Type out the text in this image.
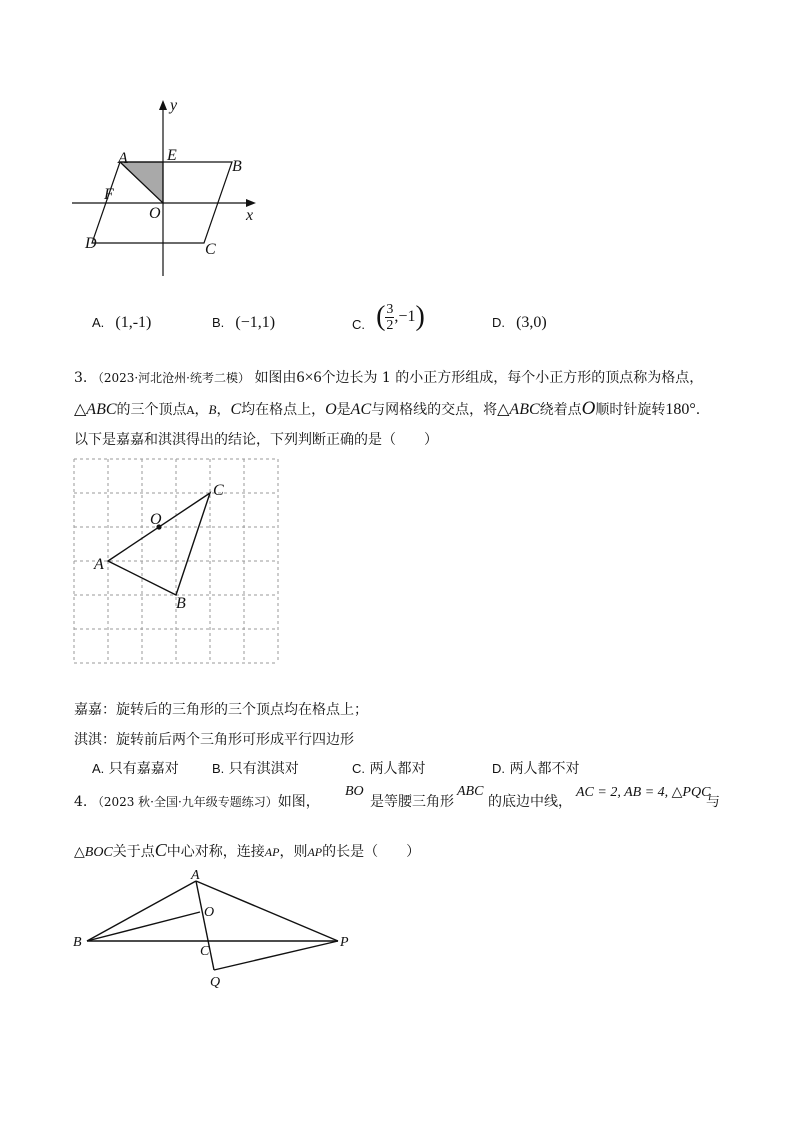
y
x
A E
B
F
O
D	C
A. (1,-1)	B. (−1,1)	$_{C.}$ ( $\frac{3}{2} ,-1$)	D. (3,0)
3. （2023·河北沧州·统考二模） 如图由6×6个边长为 1 的小正方形组成，每个小正方形的顶点称为格点，
△ABC的三个顶点A，B，C均在格点上，O是AC与网格线的交点，将△ABC绕着点O顺时针旋转180°.
以下是嘉嘉和淇淇得出的结论，下列判断正确的是（　　）
C
O
A
B
嘉嘉：旋转后的三角形的三个顶点均在格点上；
淇淇：旋转前后两个三角形可形成平行四边形
A. 只有嘉嘉对	B. 只有淇淇对	C. 两人都对	D. 两人都不对
4. （2023 秋·全国·九年级专题练习）如图，
BO
是等腰三角形
ABC
的底边中线，
AC = 2, AB = 4, △PQC
与
△BOC关于点C中心对称，连接AP，则AP的长是（　　）
A
O
B
C
P
Q
